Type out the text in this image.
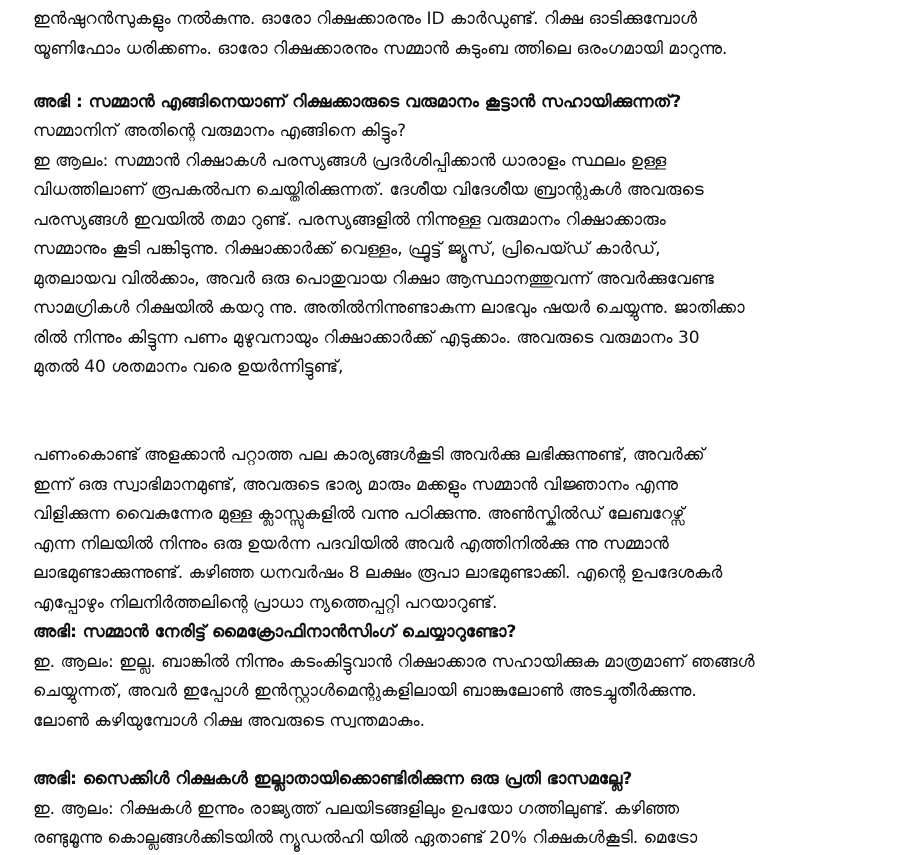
ഇൻഷുറൻസുകളും നൽകുന്നു. ഓരോ റിക്ഷക്കാരനും ID കാർഡുണ്ട്. റിക്ഷ ഓടിക്കുമ്പോൾ
യൂണിഫോം ധരിക്കണം. ഓരോ റിക്ഷക്കാരനും സമ്മാൻ കുടുംബ ത്തിലെ ഒരംഗമായി മാറുന്നു.
അഭി : സമ്മാൻ എങ്ങിനെയാണ് റിക്ഷക്കാരുടെ വരുമാനം കൂട്ടാൻ സഹായിക്കുന്നത്?
സമ്മാനിന് അതിന്റെ വരുമാനം എങ്ങിനെ കിട്ടും?
ഇ ആലം: സമ്മാൻ റിക്ഷാകൾ പരസ്യങ്ങൾ പ്രദർശിപ്പിക്കാൻ ധാരാളം സ്ഥലം ഉള്ള
വിധത്തിലാണ് രൂപകൽപന ചെയ്തിരിക്കുന്നത്. ദേശീയ വിദേശീയ ബ്രാന്റുകൾ അവരുടെ
പരസ്യങ്ങൾ ഇവയിൽ തമാ റുണ്ട്. പരസ്യങ്ങളിൽ നിന്നുള്ള വരുമാനം റിക്ഷാക്കാരും
സമ്മാനും കൂടി പങ്കിടുന്നു. റിക്ഷാക്കാർക്ക് വെള്ളം, ഫ്രൂട്ട് ജ്യൂസ്, പ്രിപെയ്ഡ് കാർഡ്,
മുതലായവ വിൽക്കാം, അവർ ഒരു പൊതുവായ റിക്ഷാ ആസ്ഥാനത്തുവന്ന് അവർക്കുവേണ്ട
സാമഗ്രികൾ റിക്ഷയിൽ കയറു ന്നു. അതിൽനിന്നുണ്ടാകുന്ന ലാഭവും ഷയർ ചെയ്യുന്നു. ജാതിക്കാ
രിൽ നിന്നും കിട്ടുന്ന പണം മുഴുവനായും റിക്ഷാക്കാർക്ക് എടുക്കാം. അവരുടെ വരുമാനം 30
മുതൽ 40 ശതമാനം വരെ ഉയർന്നിട്ടുണ്ട്,
പണംകൊണ്ട് അളക്കാൻ പറ്റാത്ത പല കാര്യങ്ങൾകൂടി അവർക്കു ലഭിക്കുന്നുണ്ട്, അവർക്ക്
ഇന്ന് ഒരു സ്വാഭിമാനമുണ്ട്, അവരുടെ ഭാര്യ മാരും മക്കളും സമ്മാൻ വിജ്ഞാനം എന്നു
വിളിക്കുന്ന വൈകുന്നേര മുള്ള ക്ലാസ്സുകളിൽ വന്നു പഠിക്കുന്നു. അൺസ്കിൽഡ് ലേബറേഴ്സ്
എന്ന നിലയിൽ നിന്നും ഒരു ഉയർന്ന പദവിയിൽ അവർ എത്തിനിൽക്കു ന്നു സമ്മാൻ
ലാഭമുണ്ടാക്കുന്നുണ്ട്. കഴിഞ്ഞ ധനവർഷം 8 ലക്ഷം രൂപാ ലാഭമുണ്ടാക്കി. എന്റെ ഉപദേശകർ
എപ്പോഴും നിലനിർത്തലിന്റെ പ്രാധാ ന്യത്തെപ്പറ്റി പറയാറുണ്ട്.
അഭി: സമ്മാൻ നേരിട്ട് മൈക്രോഫിനാൻസിംഗ് ചെയ്യാറുണ്ടോ?
ഇ. ആലം: ഇല്ല. ബാങ്കിൽ നിന്നും കടംകിട്ടുവാൻ റിക്ഷാക്കാര സഹായിക്കുക മാത്രമാണ് ഞങ്ങൾ
ചെയ്യുന്നത്, അവർ ഇപ്പോൾ ഇൻസ്റ്റാൾമെന്റുകളിലായി ബാങ്കുലോൺ അടച്ചുതീർക്കുന്നു.
ലോൺ കഴിയുമ്പോൾ റിക്ഷ അവരുടെ സ്വന്തമാകും.
അഭി: സൈക്കിൾ റിക്ഷകൾ ഇല്ലാതായിക്കൊണ്ടിരിക്കുന്ന ഒരു പ്രതി ഭാസമല്ലേ?
ഇ. ആലം: റിക്ഷകൾ ഇന്നും രാജ്യത്ത് പലയിടങ്ങളിലും ഉപയോ ഗത്തിലുണ്ട്. കഴിഞ്ഞ
രണ്ടുമൂന്നു കൊല്ലങ്ങൾക്കിടയിൽ ന്യൂഡൽഹി യിൽ ഏതാണ്ട് 20% റിക്ഷകൾകൂടി. മെട്രോ
